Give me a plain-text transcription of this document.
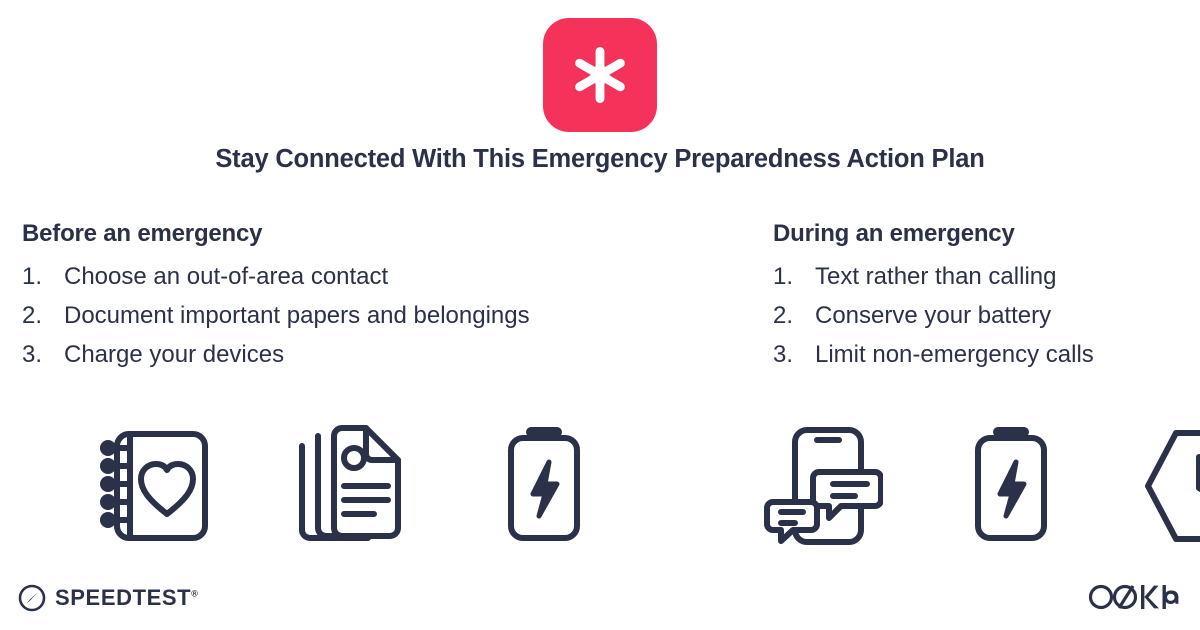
Stay Connected With This Emergency Preparedness Action Plan
Before an emergency
Choose an out-of-area contact
Document important papers and belongings
Charge your devices
During an emergency
Text rather than calling
Conserve your battery
Limit non-emergency calls
SPEEDTEST®
